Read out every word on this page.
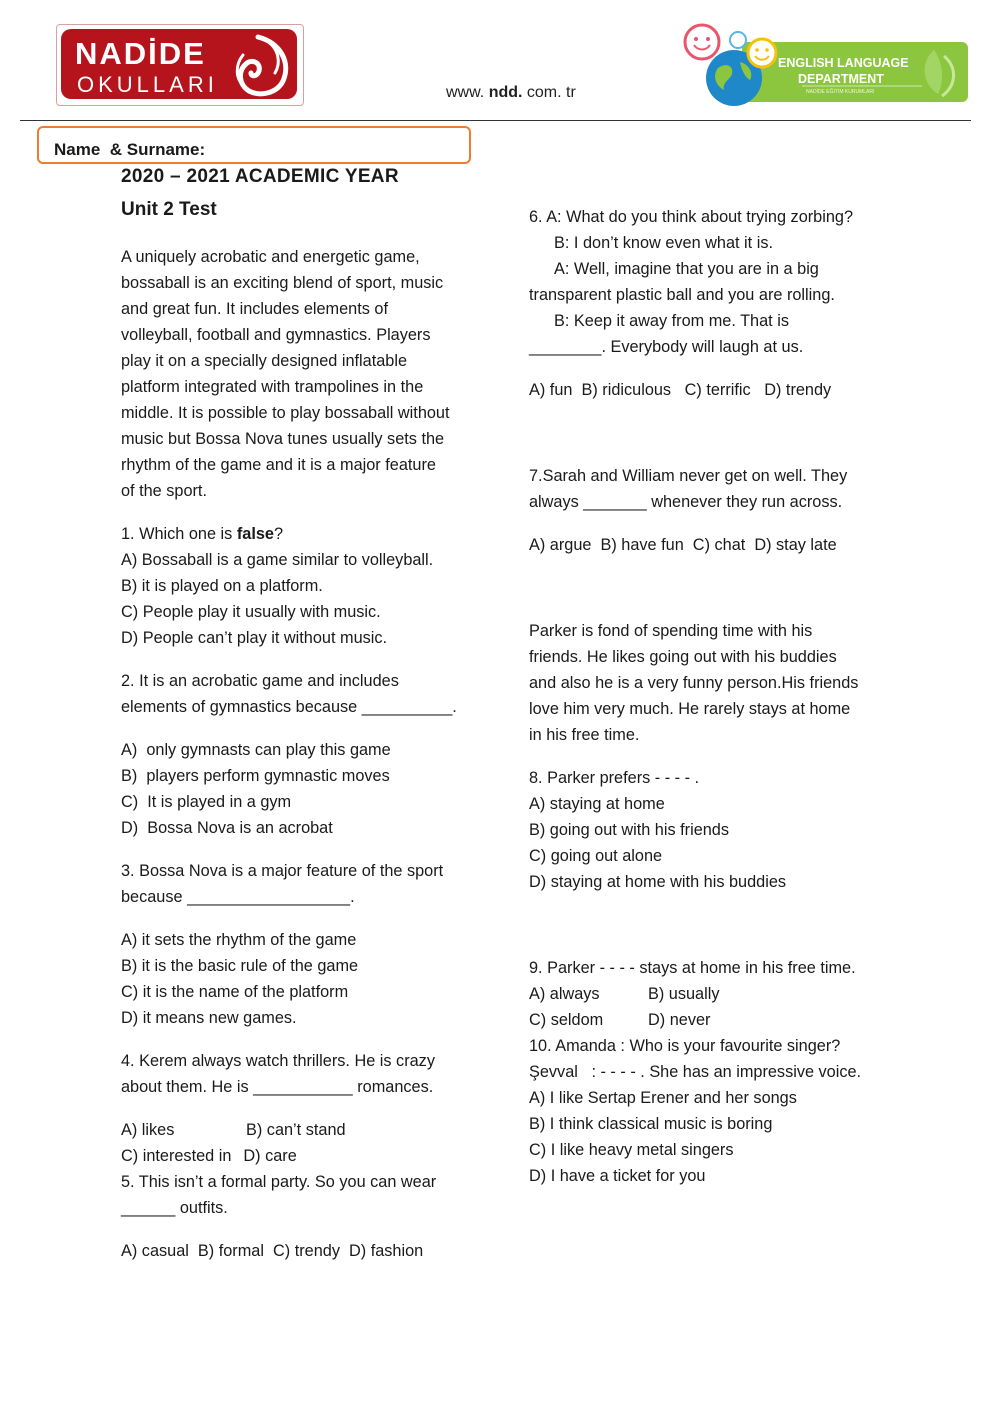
NADİDE
OKULLARI	www. ndd. com. tr
ENGLISH LANGUAGE
DEPARTMENT
NADİDE EĞİTİM KURUMLARI
Name  & Surname:
2020 – 2021 ACADEMIC YEAR
Unit 2 Test
A uniquely acrobatic and energetic game,
bossaball is an exciting blend of sport, music
and great fun. It includes elements of
volleyball, football and gymnastics. Players
play it on a specially designed inflatable
platform integrated with trampolines in the
middle. It is possible to play bossaball without
music but Bossa Nova tunes usually sets the
rhythm of the game and it is a major feature
of the sport.
1. Which one is false?
A) Bossaball is a game similar to volleyball.
B) it is played on a platform.
C) People play it usually with music.
D) People can’t play it without music.
2. It is an acrobatic game and includes
elements of gymnastics because __________.
A)  only gymnasts can play this game
B)  players perform gymnastic moves
C)  It is played in a gym
D)  Bossa Nova is an acrobat
3. Bossa Nova is a major feature of the sport
because __________________.
A) it sets the rhythm of the game
B) it is the basic rule of the game
C) it is the name of the platform
D) it means new games.
4. Kerem always watch thrillers. He is crazy
about them. He is ___________ romances.
A) likes	B) can’t stand
C) interested in D) care
5. This isn’t a formal party. So you can wear
______ outfits.
A) casual  B) formal  C) trendy  D) fashion
6. A: What do you think about trying zorbing?
B: I don’t know even what it is.
A: Well, imagine that you are in a big
transparent plastic ball and you are rolling.
B: Keep it away from me. That is
________. Everybody will laugh at us.
A) fun  B) ridiculous   C) terrific   D) trendy
7.Sarah and William never get on well. They
always _______ whenever they run across.
A) argue  B) have fun  C) chat  D) stay late
Parker is fond of spending time with his
friends. He likes going out with his buddies
and also he is a very funny person.His friends
love him very much. He rarely stays at home
in his free time.
8. Parker prefers - - - - .
A) staying at home
B) going out with his friends
C) going out alone
D) staying at home with his buddies
9. Parker - - - - stays at home in his free time.
A) always	B) usually
C) seldom	D) never
10. Amanda : Who is your favourite singer?
Şevval   : - - - - . She has an impressive voice.
A) I like Sertap Erener and her songs
B) I think classical music is boring
C) I like heavy metal singers
D) I have a ticket for you
